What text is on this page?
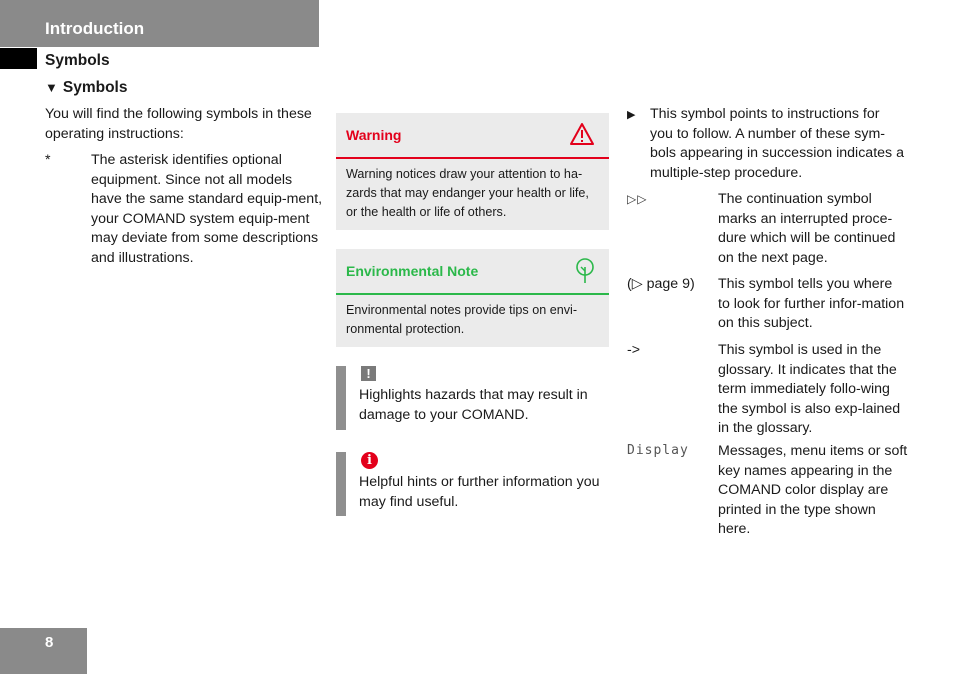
Introduction
Symbols
▼ Symbols
You will find the following symbols in these operating instructions:
*	The asterisk identifies optional equipment. Since not all models have the same standard equip-ment, your COMAND system equip-ment may deviate from some descriptions and illustrations.
Warning
Warning notices draw your attention to ha-zards that may endanger your health or life, or the health or life of others.
Environmental Note
Environmental notes provide tips on envi-ronmental protection.
!
Highlights hazards that may result in damage to your COMAND.
i
Helpful hints or further information you may find useful.
▶ This symbol points to instructions for you to follow. A number of these sym-bols appearing in succession indicates a multiple-step procedure.
▷▷	The continuation symbol marks an interrupted proce-dure which will be continued on the next page.
(▷ page 9)	This symbol tells you where to look for further infor-mation on this subject.
->	This symbol is used in the glossary. It indicates that the term immediately follo-wing the symbol is also exp-lained in the glossary.
Display	Messages, menu items or soft key names appearing in the COMAND color display are printed in the type shown here.
8
